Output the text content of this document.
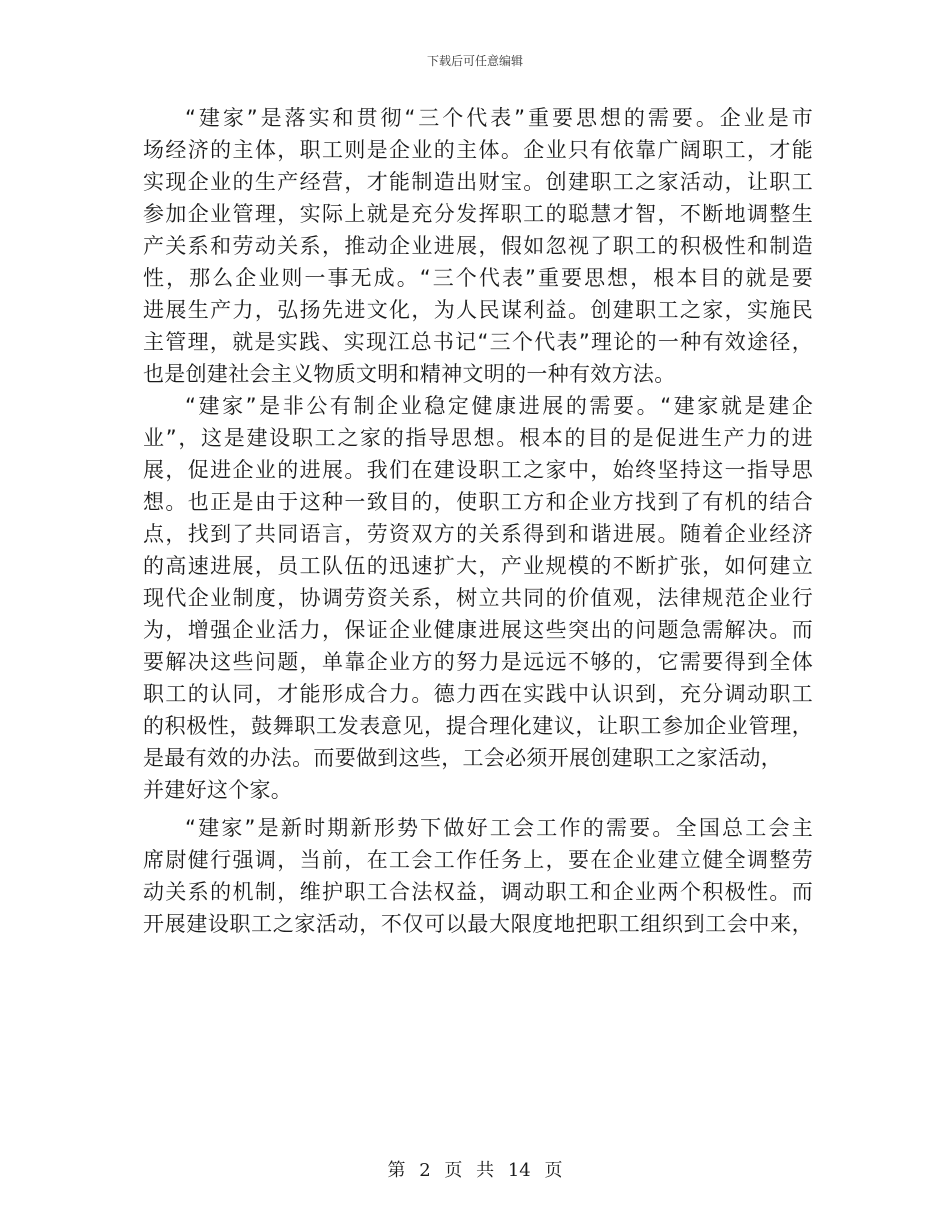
下载后可任意编辑
“建家”是落实和贯彻“三个代表”重要思想的需要。企业是市
场经济的主体，职工则是企业的主体。企业只有依靠广阔职工，才能
实现企业的生产经营，才能制造出财宝。创建职工之家活动，让职工
参加企业管理，实际上就是充分发挥职工的聪慧才智，不断地调整生
产关系和劳动关系，推动企业进展，假如忽视了职工的积极性和制造
性，那么企业则一事无成。“三个代表”重要思想，根本目的就是要
进展生产力，弘扬先进文化，为人民谋利益。创建职工之家，实施民
主管理，就是实践、实现江总书记“三个代表”理论的一种有效途径，
也是创建社会主义物质文明和精神文明的一种有效方法。
“建家”是非公有制企业稳定健康进展的需要。“建家就是建企
业”，这是建设职工之家的指导思想。根本的目的是促进生产力的进
展，促进企业的进展。我们在建设职工之家中，始终坚持这一指导思
想。也正是由于这种一致目的，使职工方和企业方找到了有机的结合
点，找到了共同语言，劳资双方的关系得到和谐进展。随着企业经济
的高速进展，员工队伍的迅速扩大，产业规模的不断扩张，如何建立
现代企业制度，协调劳资关系，树立共同的价值观，法律规范企业行
为，增强企业活力，保证企业健康进展这些突出的问题急需解决。而
要解决这些问题，单靠企业方的努力是远远不够的，它需要得到全体
职工的认同，才能形成合力。德力西在实践中认识到，充分调动职工
的积极性，鼓舞职工发表意见，提合理化建议，让职工参加企业管理，
是最有效的办法。而要做到这些，工会必须开展创建职工之家活动，
并建好这个家。
“建家”是新时期新形势下做好工会工作的需要。全国总工会主
席尉健行强调，当前，在工会工作任务上，要在企业建立健全调整劳
动关系的机制，维护职工合法权益，调动职工和企业两个积极性。而
开展建设职工之家活动，不仅可以最大限度地把职工组织到工会中来，
第 2 页 共 14 页
